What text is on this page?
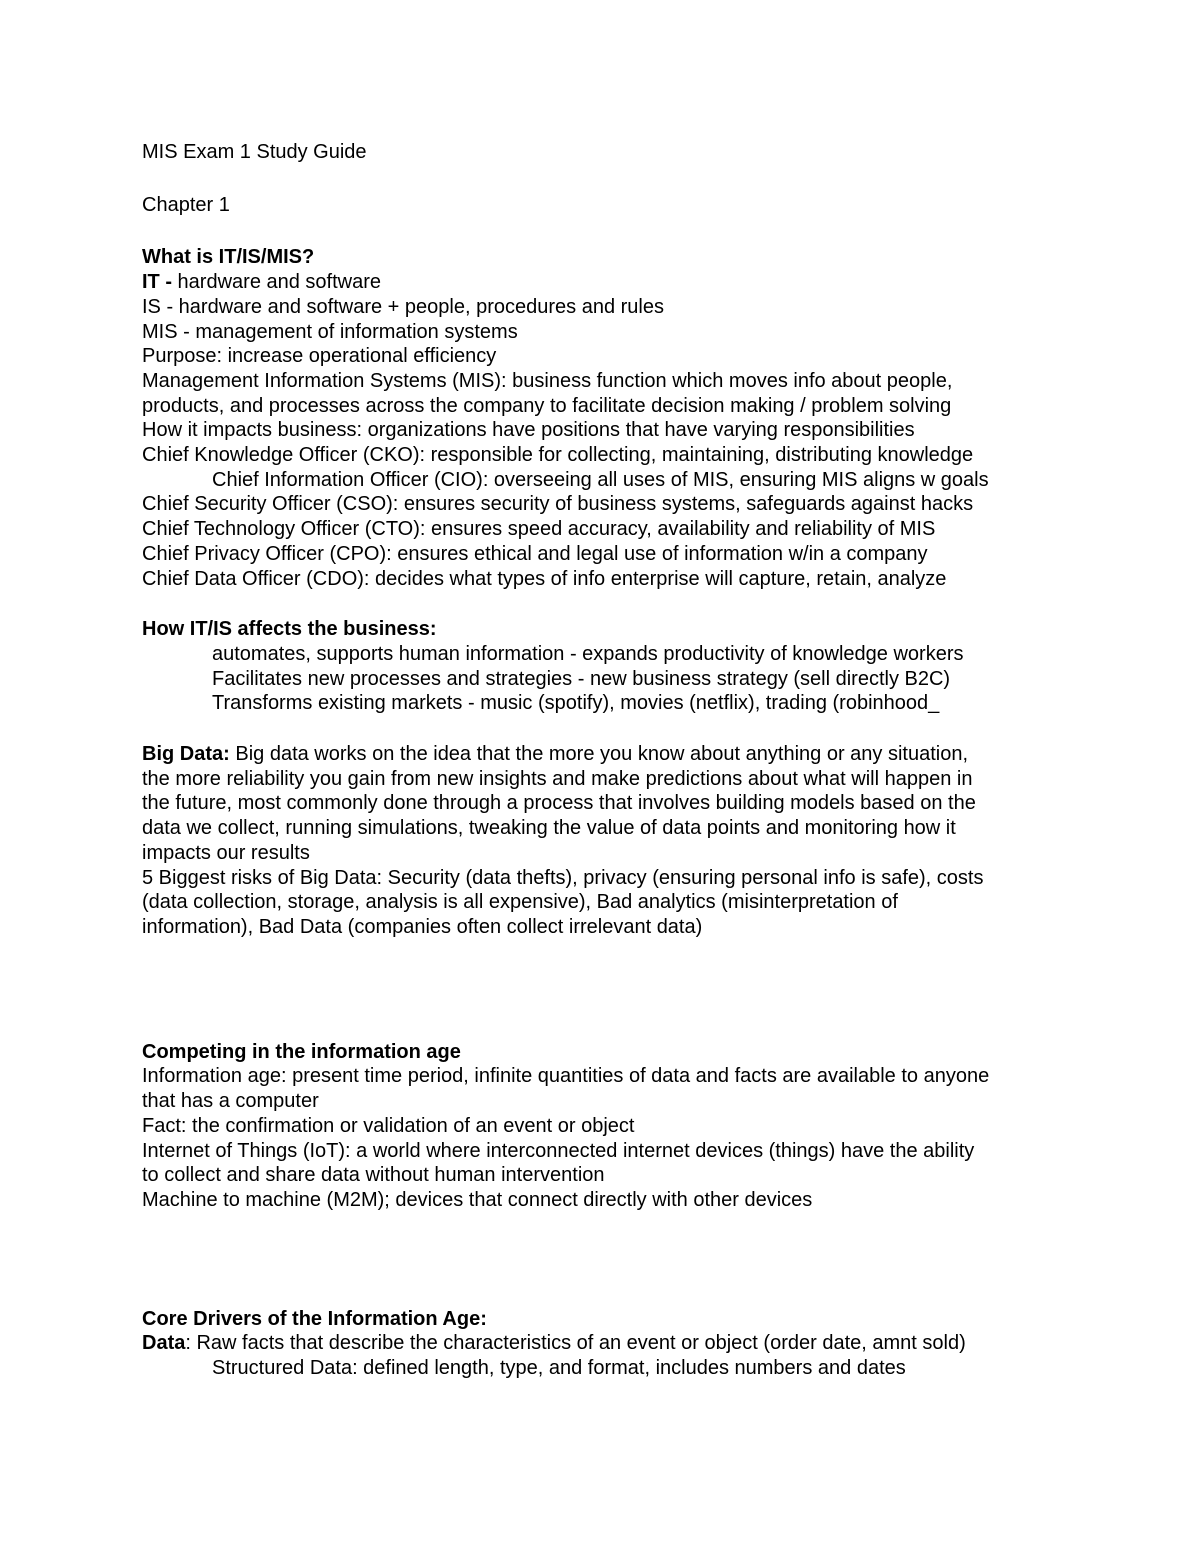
MIS Exam 1 Study Guide
Chapter 1
What is IT/IS/MIS?
IT - hardware and software
IS - hardware and software + people, procedures and rules
MIS - management of information systems
Purpose: increase operational efficiency
Management Information Systems (MIS): business function which moves info about people,
products, and processes across the company to facilitate decision making / problem solving
How it impacts business: organizations have positions that have varying responsibilities
Chief Knowledge Officer (CKO): responsible for collecting, maintaining, distributing knowledge
Chief Information Officer (CIO): overseeing all uses of MIS, ensuring MIS aligns w goals
Chief Security Officer (CSO): ensures security of business systems, safeguards against hacks
Chief Technology Officer (CTO): ensures speed accuracy, availability and reliability of MIS
Chief Privacy Officer (CPO): ensures ethical and legal use of information w/in a company
Chief Data Officer (CDO): decides what types of info enterprise will capture, retain, analyze
How IT/IS affects the business:
automates, supports human information - expands productivity of knowledge workers
Facilitates new processes and strategies - new business strategy (sell directly B2C)
Transforms existing markets - music (spotify), movies (netflix), trading (robinhood_
Big Data: Big data works on the idea that the more you know about anything or any situation,
the more reliability you gain from new insights and make predictions about what will happen in
the future, most commonly done through a process that involves building models based on the
data we collect, running simulations, tweaking the value of data points and monitoring how it
impacts our results
5 Biggest risks of Big Data: Security (data thefts), privacy (ensuring personal info is safe), costs
(data collection, storage, analysis is all expensive), Bad analytics (misinterpretation of
information), Bad Data (companies often collect irrelevant data)
Competing in the information age
Information age: present time period, infinite quantities of data and facts are available to anyone
that has a computer
Fact: the confirmation or validation of an event or object
Internet of Things (IoT): a world where interconnected internet devices (things) have the ability
to collect and share data without human intervention
Machine to machine (M2M); devices that connect directly with other devices
Core Drivers of the Information Age:
Data: Raw facts that describe the characteristics of an event or object (order date, amnt sold)
Structured Data: defined length, type, and format, includes numbers and dates
